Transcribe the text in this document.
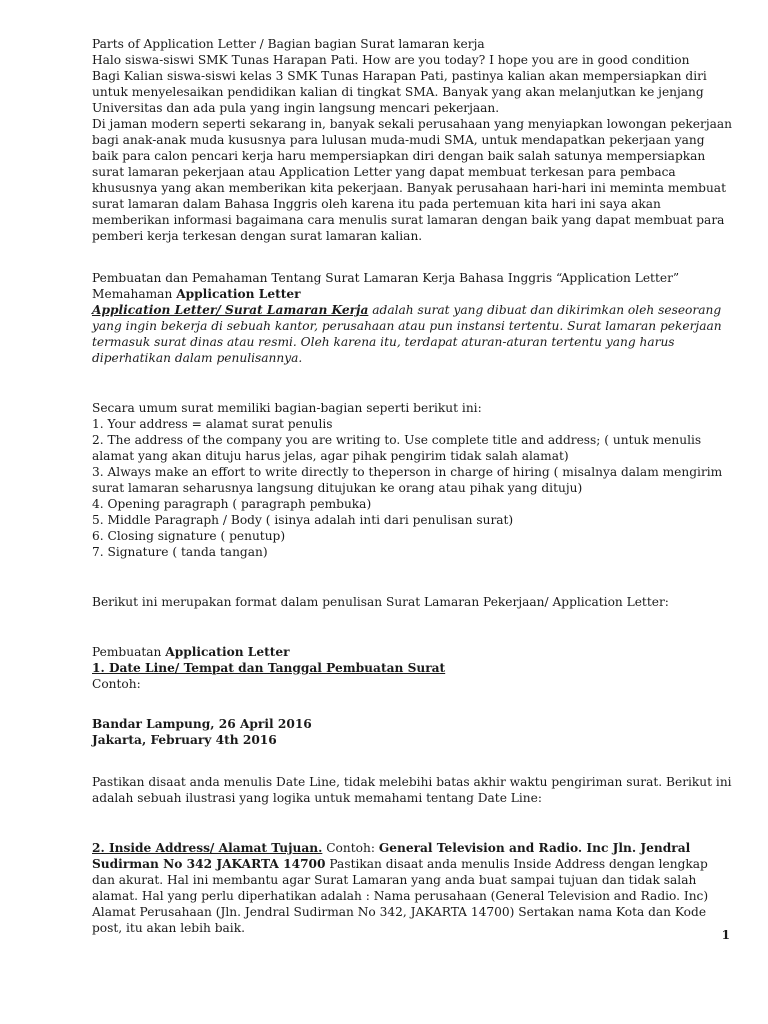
Parts of Application Letter / Bagian bagian Surat lamaran kerja

Halo siswa-siswi SMK Tunas Harapan Pati. How are you today? I hope you are in good condition

Bagi Kalian siswa-siswi kelas 3 SMK Tunas Harapan Pati, pastinya kalian akan mempersiapkan diri untuk menyelesaikan pendidikan kalian di tingkat SMA. Banyak yang akan melanjutkan ke jenjang Universitas dan ada pula yang ingin langsung mencari pekerjaan.

Di jaman modern seperti sekarang in, banyak sekali perusahaan yang menyiapkan lowongan pekerjaan bagi anak-anak muda kususnya para lulusan muda-mudi SMA, untuk mendapatkan pekerjaan yang baik para calon pencari kerja haru mempersiapkan diri dengan baik salah satunya mempersiapkan surat lamaran pekerjaan atau Application Letter yang dapat membuat terkesan para pembaca khususnya yang akan memberikan kita pekerjaan. Banyak perusahaan hari-hari ini meminta membuat surat lamaran dalam Bahasa Inggris oleh karena itu pada pertemuan kita hari ini saya akan memberikan informasi bagaimana cara menulis surat lamaran dengan baik yang dapat membuat para pemberi kerja terkesan dengan surat lamaran kalian.

Pembuatan dan Pemahaman Tentang Surat Lamaran Kerja Bahasa Inggris “Application Letter”

Memahaman Application Letter

Application Letter/ Surat Lamaran Kerja adalah surat yang dibuat dan dikirimkan oleh seseorang yang ingin bekerja di sebuah kantor, perusahaan atau pun instansi tertentu. Surat lamaran pekerjaan termasuk surat dinas atau resmi. Oleh karena itu, terdapat aturan-aturan tertentu yang harus diperhatikan dalam penulisannya.

Secara umum surat memiliki bagian-bagian seperti berikut ini:

1. Your address = alamat surat penulis
2. The address of the company you are writing to. Use complete title and address; ( untuk menulis alamat yang akan dituju harus jelas, agar pihak pengirim tidak salah alamat)
3. Always make an effort to write directly to theperson in charge of hiring ( misalnya dalam mengirim surat lamaran seharusnya langsung ditujukan ke orang atau pihak yang dituju)
4. Opening paragraph ( paragraph pembuka)
5. Middle Paragraph / Body ( isinya adalah inti dari penulisan surat)
6. Closing signature ( penutup)
7. Signature ( tanda tangan)

Berikut ini merupakan format dalam penulisan Surat Lamaran Pekerjaan/ Application Letter:

Pembuatan Application Letter

1. Date Line/ Tempat dan Tanggal Pembuatan Surat

Contoh:

Bandar Lampung, 26 April 2016

Jakarta, February 4th 2016

Pastikan disaat anda menulis Date Line, tidak melebihi batas akhir waktu pengiriman surat. Berikut ini adalah sebuah ilustrasi yang logika untuk memahami tentang Date Line:

2. Inside Address/ Alamat Tujuan. Contoh: General Television and Radio. Inc Jln. Jendral Sudirman No 342 JAKARTA 14700 Pastikan disaat anda menulis Inside Address dengan lengkap dan akurat. Hal ini membantu agar Surat Lamaran yang anda buat sampai tujuan dan tidak salah alamat. Hal yang perlu diperhatikan adalah : Nama perusahaan (General Television and Radio. Inc) Alamat Perusahaan (Jln. Jendral Sudirman No 342, JAKARTA 14700) Sertakan nama Kota dan Kode post, itu akan lebih baik.	1
